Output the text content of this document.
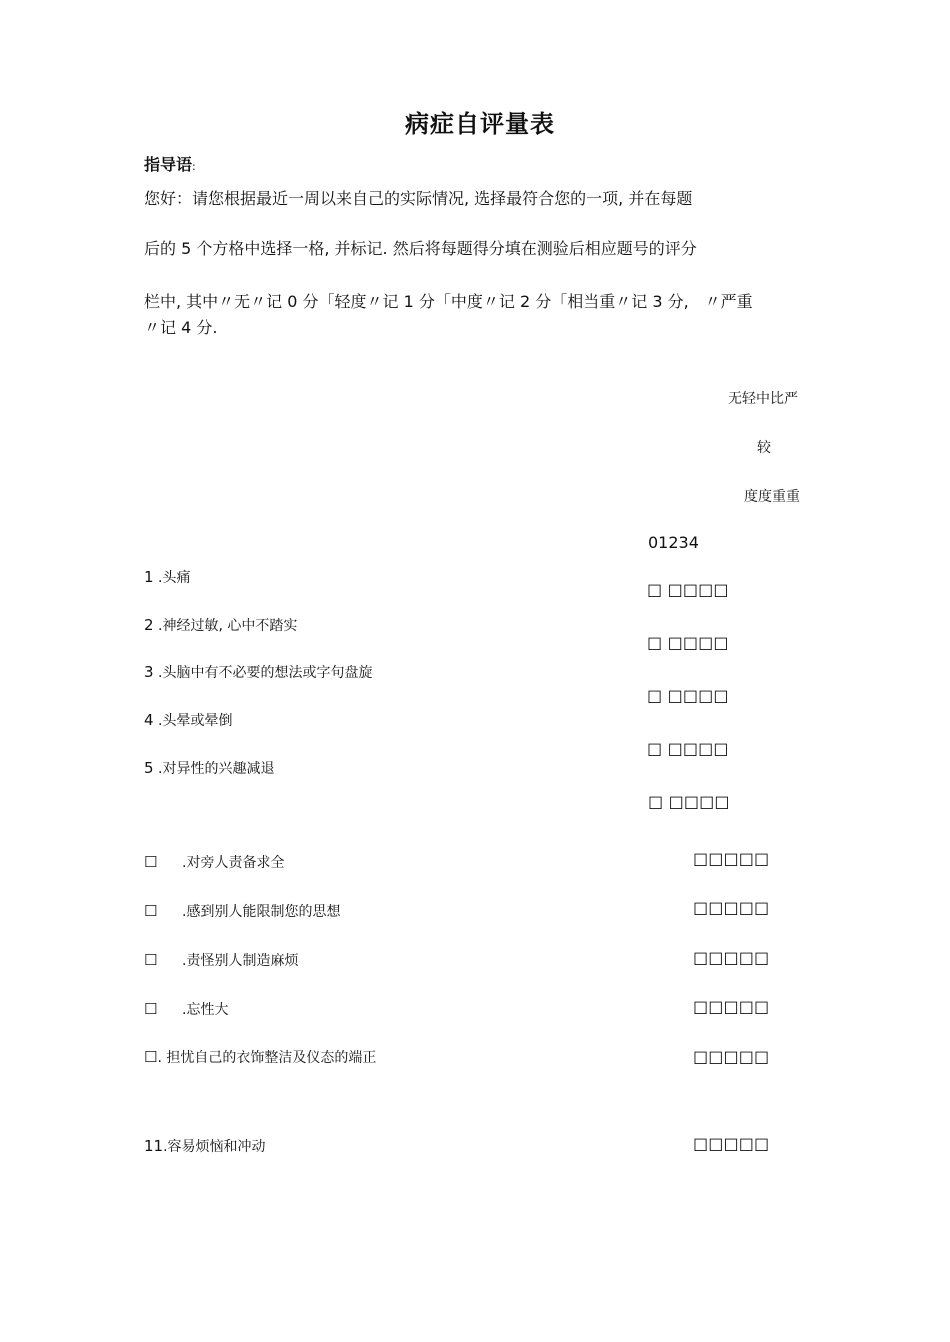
病症自评量表
指导语:
您好：请您根据最近一周以来自己的实际情况, 选择最符合您的一项, 并在每题
后的 5 个方格中选择一格, 并标记. 然后将每题得分填在测验后相应题号的评分
栏中, 其中〃无〃记 0 分「轻度〃记 1 分「中度〃记 2 分「相当重〃记 3 分,　〃严重
〃记 4 分.
无轻中比严
较
度度重重
01234
1 .头痛
2 .神经过敏, 心中不踏实
3 .头脑中有不必要的想法或字句盘旋
4 .头晕或晕倒
5 .对异性的兴趣减退
☐ ☐☐☐☐
☐ ☐☐☐☐
☐ ☐☐☐☐
☐ ☐☐☐☐
☐ ☐☐☐☐
☐ .对旁人责备求全
☐ .感到别人能限制您的思想
☐ .责怪别人制造麻烦
☐ .忘性大
☐. 担忧自己的衣饰整洁及仪态的端正
☐☐☐☐☐
☐☐☐☐☐
☐☐☐☐☐
☐☐☐☐☐
☐☐☐☐☐
11.容易烦恼和冲动	☐☐☐☐☐
